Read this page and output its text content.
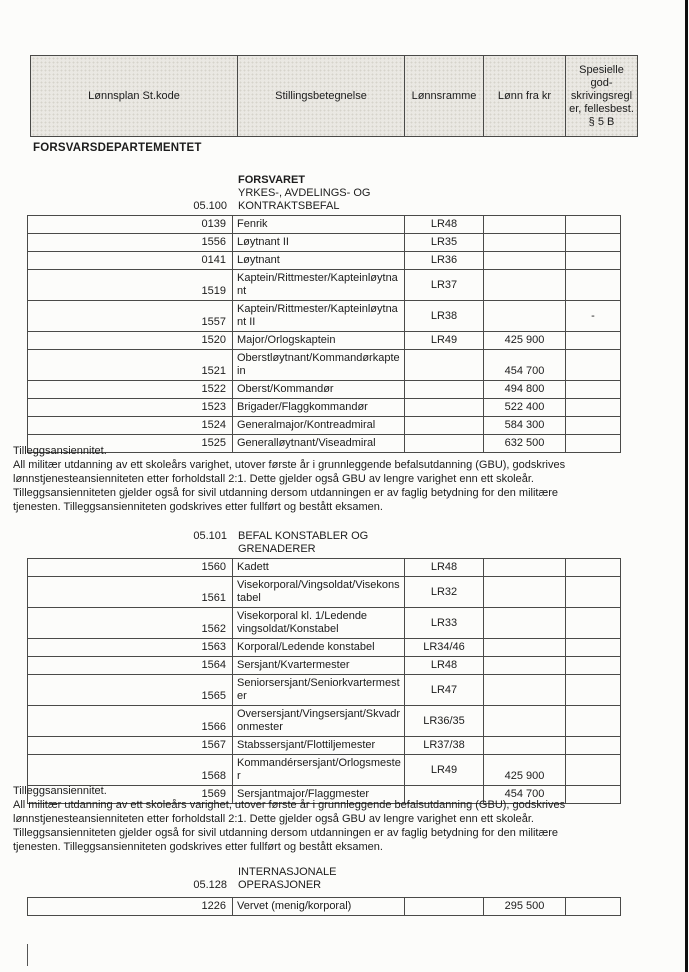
Lønnsplan St.kode	Stillingsbetegnelse	Lønnsramme	Lønn fra kr	Spesielle god- skrivingsregler, fellesbest. § 5 B
FORSVARSDEPARTEMENTET
FORSVARET
YRKES-, AVDELINGS- OG
05.100 KONTRAKTSBEFAL
0139	Fenrik	LR48		
1556	Løytnant II	LR35		
0141	Løytnant	LR36		
1519	Kaptein/Rittmester/Kapteinløytnant	LR37		
1557	Kaptein/Rittmester/Kapteinløytnant II	LR38		-
1520	Major/Orlogskaptein	LR49	425 900	
1521	Oberstløytnant/Kommandørkaptein		454 700	
1522	Oberst/Kommandør		494 800	
1523	Brigader/Flaggkommandør		522 400	
1524	Generalmajor/Kontreadmiral		584 300	
1525	Generalløytnant/Viseadmiral		632 500	
Tilleggsansiennitet.
All militær utdanning av ett skoleårs varighet, utover første år i grunnleggende befalsutdanning (GBU), godskrives
lønnstjenesteansienniteten etter forholdstall 2:1. Dette gjelder også GBU av lengre varighet enn ett skoleår.
Tilleggsansienniteten gjelder også for sivil utdanning dersom utdanningen er av faglig betydning for den militære
tjenesten. Tilleggsansienniteten godskrives etter fullført og bestått eksamen.
05.101 BEFAL KONSTABLER OG
GRENADERER
1560	Kadett	LR48		
1561	Visekorporal/Vingsoldat/Visekonstabel	LR32		
1562	Visekorporal kl. 1/Ledende vingsoldat/Konstabel	LR33		
1563	Korporal/Ledende konstabel	LR34/46		
1564	Sersjant/Kvartermester	LR48		
1565	Seniorsersjant/Seniorkvartermester	LR47		
1566	Oversersjant/Vingsersjant/Skvadronmester	LR36/35		
1567	Stabssersjant/Flottiljemester	LR37/38		
1568	Kommandérsersjant/Orlogsmester	LR49	425 900	
1569	Sersjantmajor/Flaggmester		454 700	
Tilleggsansiennitet.
All militær utdanning av ett skoleårs varighet, utover første år i grunnleggende befalsutdanning (GBU), godskrives
lønnstjenesteansienniteten etter forholdstall 2:1. Dette gjelder også GBU av lengre varighet enn ett skoleår.
Tilleggsansienniteten gjelder også for sivil utdanning dersom utdanningen er av faglig betydning for den militære
tjenesten. Tilleggsansienniteten godskrives etter fullført og bestått eksamen.
INTERNASJONALE
05.128 OPERASJONER
1226	Vervet (menig/korporal)		295 500	
